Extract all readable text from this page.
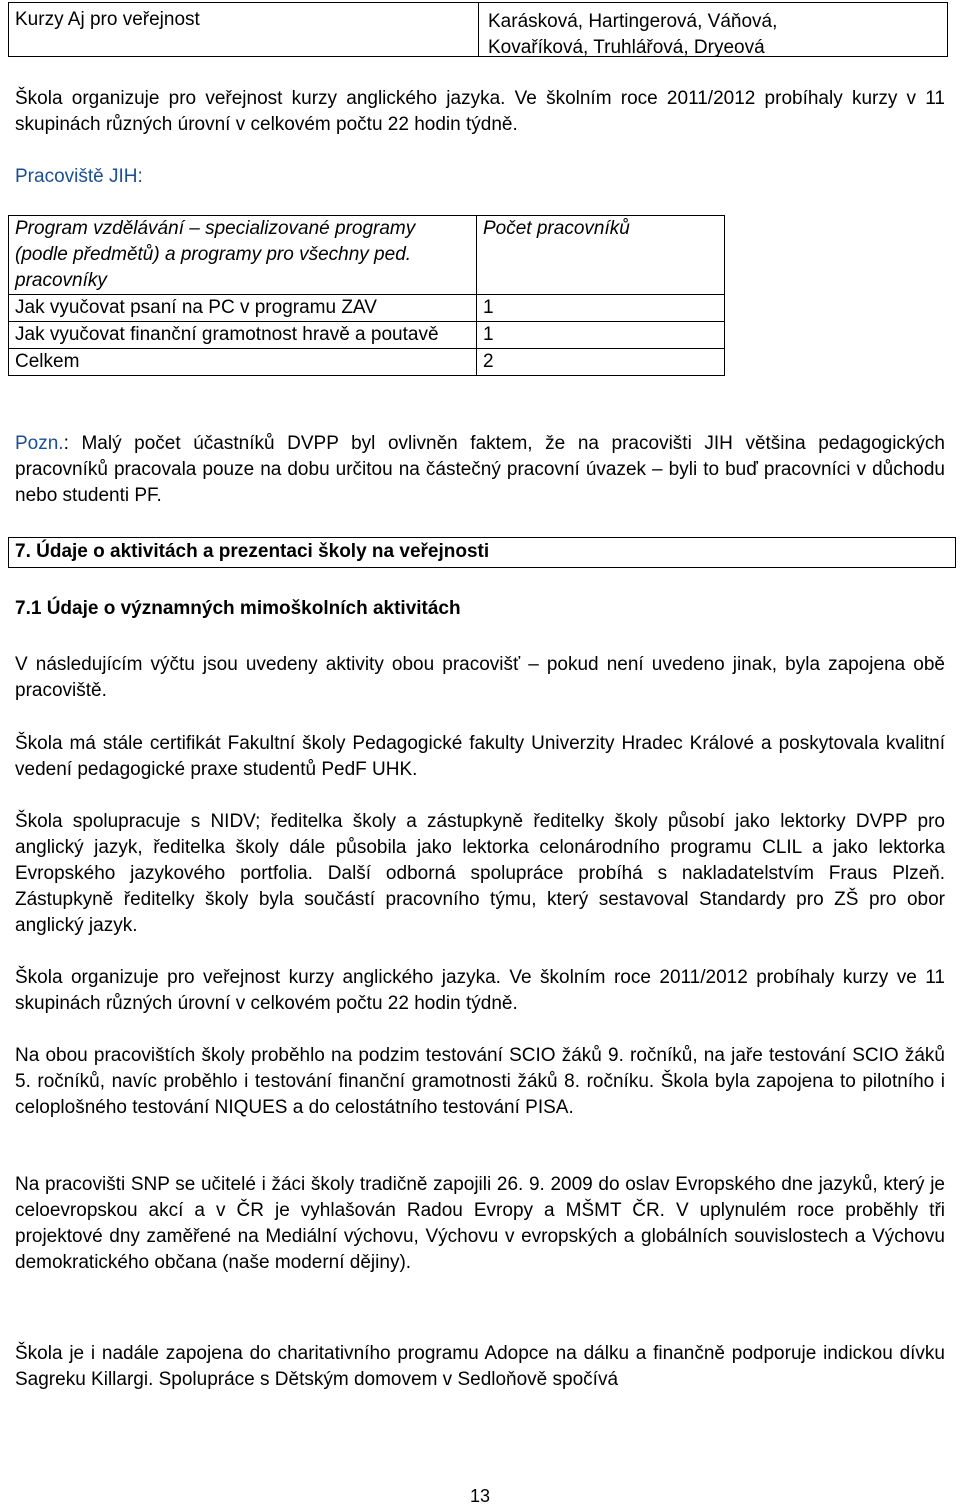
Kurzy Aj pro veřejnost	Karásková, Hartingerová, Váňová,
Kovaříková, Truhlářová, Dryeová

Škola organizuje pro veřejnost kurzy anglického jazyka. Ve školním roce 2011/2012 probíhaly kurzy v 11 skupinách různých úrovní v celkovém počtu 22 hodin týdně.

Pracoviště JIH:
Program vzdělávání – specializované programy (podle předmětů) a programy pro všechny ped. pracovníky	Počet pracovníků
Jak vyučovat psaní na PC v programu ZAV	1
Jak vyučovat finanční gramotnost hravě a poutavě	1
Celkem	2

Pozn.: Malý počet účastníků DVPP byl ovlivněn faktem, že na pracovišti JIH většina pedagogických pracovníků pracovala pouze na dobu určitou na částečný pracovní úvazek – byli to buď pracovníci v důchodu nebo studenti PF.

7. Údaje o aktivitách a prezentaci školy na veřejnosti
7.1 Údaje o významných mimoškolních aktivitách

V následujícím výčtu jsou uvedeny aktivity obou pracovišť – pokud není uvedeno jinak, byla zapojena obě pracoviště.

Škola má stále certifikát Fakultní školy Pedagogické fakulty Univerzity Hradec Králové a poskytovala kvalitní vedení pedagogické praxe studentů PedF UHK.

Škola spolupracuje s NIDV; ředitelka školy a zástupkyně ředitelky školy působí jako lektorky DVPP pro anglický jazyk, ředitelka školy dále působila jako lektorka celonárodního programu CLIL a jako lektorka Evropského jazykového portfolia. Další odborná spolupráce probíhá s nakladatelstvím Fraus Plzeň. Zástupkyně ředitelky školy byla součástí pracovního týmu, který sestavoval Standardy pro ZŠ pro obor anglický jazyk.

Škola organizuje pro veřejnost kurzy anglického jazyka. Ve školním roce 2011/2012 probíhaly kurzy ve 11 skupinách různých úrovní v celkovém počtu 22 hodin týdně.

Na obou pracovištích školy proběhlo na podzim testování SCIO žáků 9. ročníků, na jaře testování SCIO žáků 5. ročníků, navíc proběhlo i testování finanční gramotnosti žáků 8. ročníku. Škola byla zapojena to pilotního i celoplošného testování NIQUES a do celostátního testování PISA.

Na pracovišti SNP se učitelé i žáci školy tradičně zapojili 26. 9. 2009 do oslav Evropského dne jazyků, který je celoevropskou akcí a v ČR je vyhlašován Radou Evropy a MŠMT ČR. V uplynulém roce proběhly tři projektové dny zaměřené na Mediální výchovu, Výchovu v evropských a globálních souvislostech a Výchovu demokratického občana (naše moderní dějiny).

Škola je i nadále zapojena do charitativního programu Adopce na dálku a finančně podporuje indickou dívku Sagreku Killargi. Spolupráce s Dětským domovem v Sedloňově spočívá

13
